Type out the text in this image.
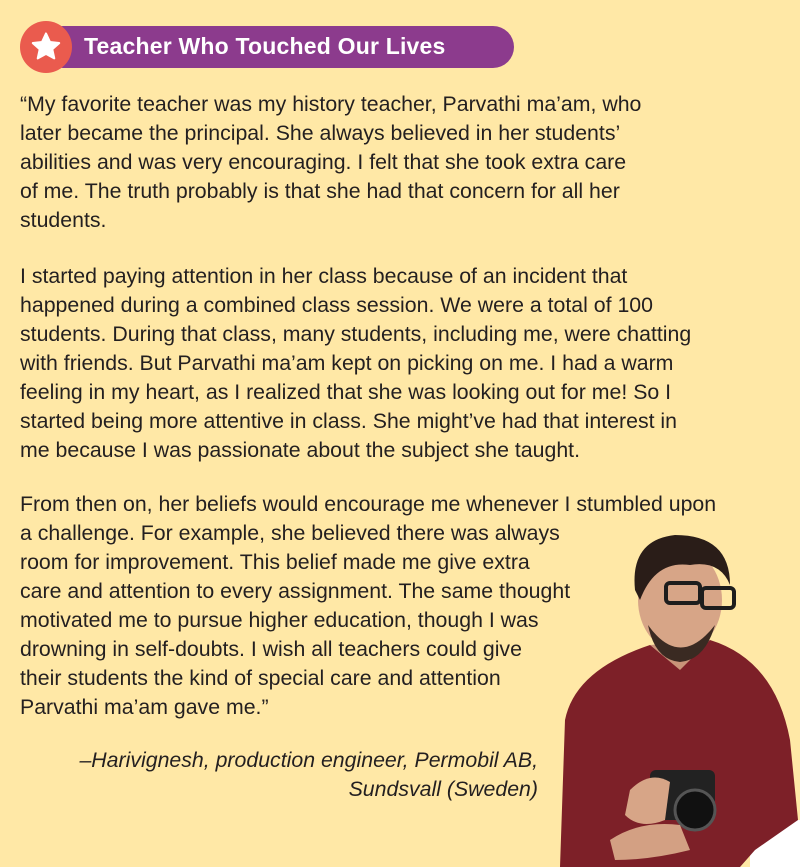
Teacher Who Touched Our Lives
“My favorite teacher was my history teacher, Parvathi ma’am, who
later became the principal. She always believed in her students’
abilities and was very encouraging. I felt that she took extra care
of me. The truth probably is that she had that concern for all her
students.
I started paying attention in her class because of an incident that
happened during a combined class session. We were a total of 100
students. During that class, many students, including me, were chatting
with friends. But Parvathi ma’am kept on picking on me. I had a warm
feeling in my heart, as I realized that she was looking out for me! So I
started being more attentive in class. She might’ve had that interest in
me because I was passionate about the subject she taught.
From then on, her beliefs would encourage me whenever I stumbled upon
a challenge. For example, she believed there was always
room for improvement. This belief made me give extra
care and attention to every assignment. The same thought
motivated me to pursue higher education, though I was
drowning in self-doubts. I wish all teachers could give
their students the kind of special care and attention
Parvathi ma’am gave me.”
–Harivignesh, production engineer, Permobil AB,
Sundsvall (Sweden)
